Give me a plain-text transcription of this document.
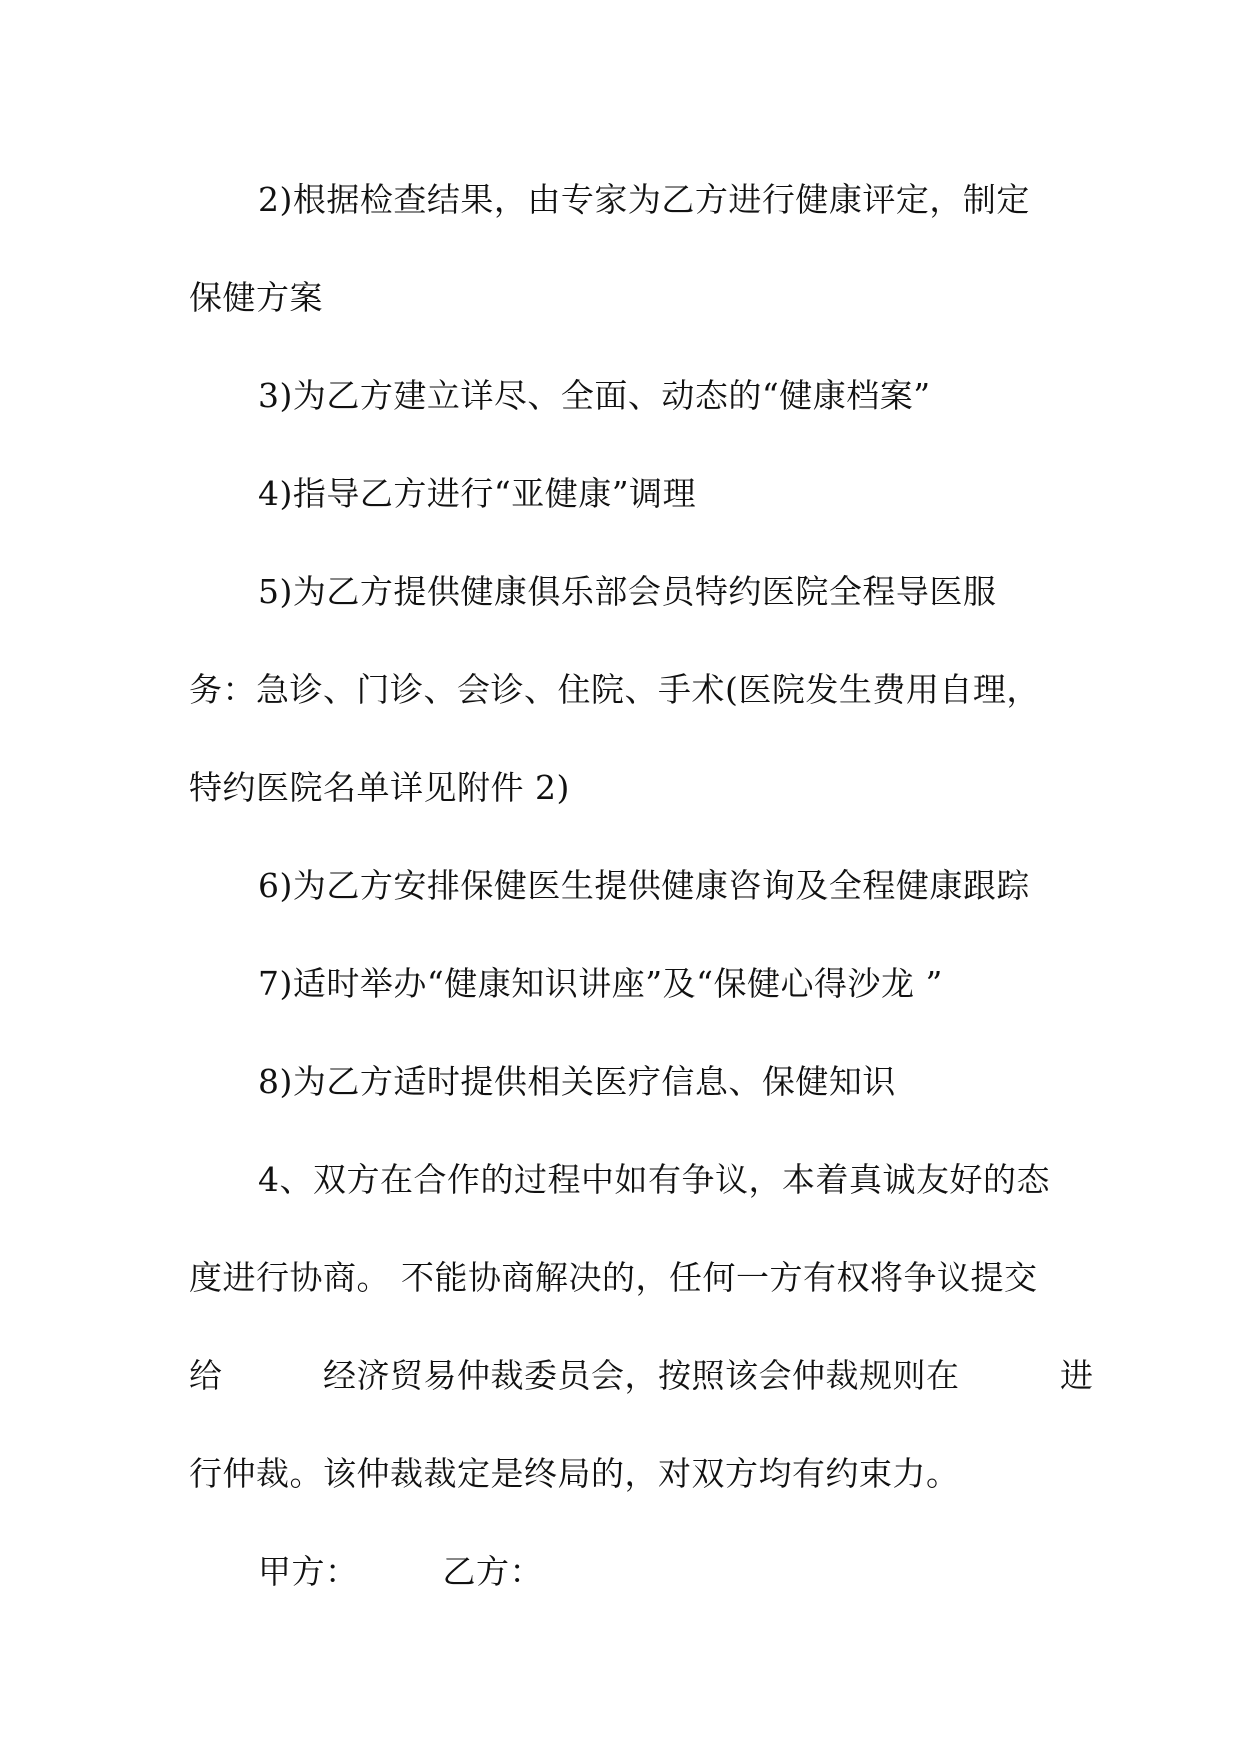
2)根据检查结果，由专家为乙方进行健康评定，制定
保健方案
3)为乙方建立详尽、全面、动态的“健康档案”
4)指导乙方进行“亚健康”调理
5)为乙方提供健康俱乐部会员特约医院全程导医服
务：急诊、门诊、会诊、住院、手术(医院发生费用自理，
特约医院名单详见附件 2)
6)为乙方安排保健医生提供健康咨询及全程健康跟踪
7)适时举办“健康知识讲座”及“保健心得沙龙 ”
8)为乙方适时提供相关医疗信息、保健知识
4、双方在合作的过程中如有争议，本着真诚友好的态
度进行协商。 不能协商解决的，任何一方有权将争议提交
给　　　经济贸易仲裁委员会，按照该会仲裁规则在　　　进
行仲裁。该仲裁裁定是终局的，对双方均有约束力。
甲方：　　　乙方：
